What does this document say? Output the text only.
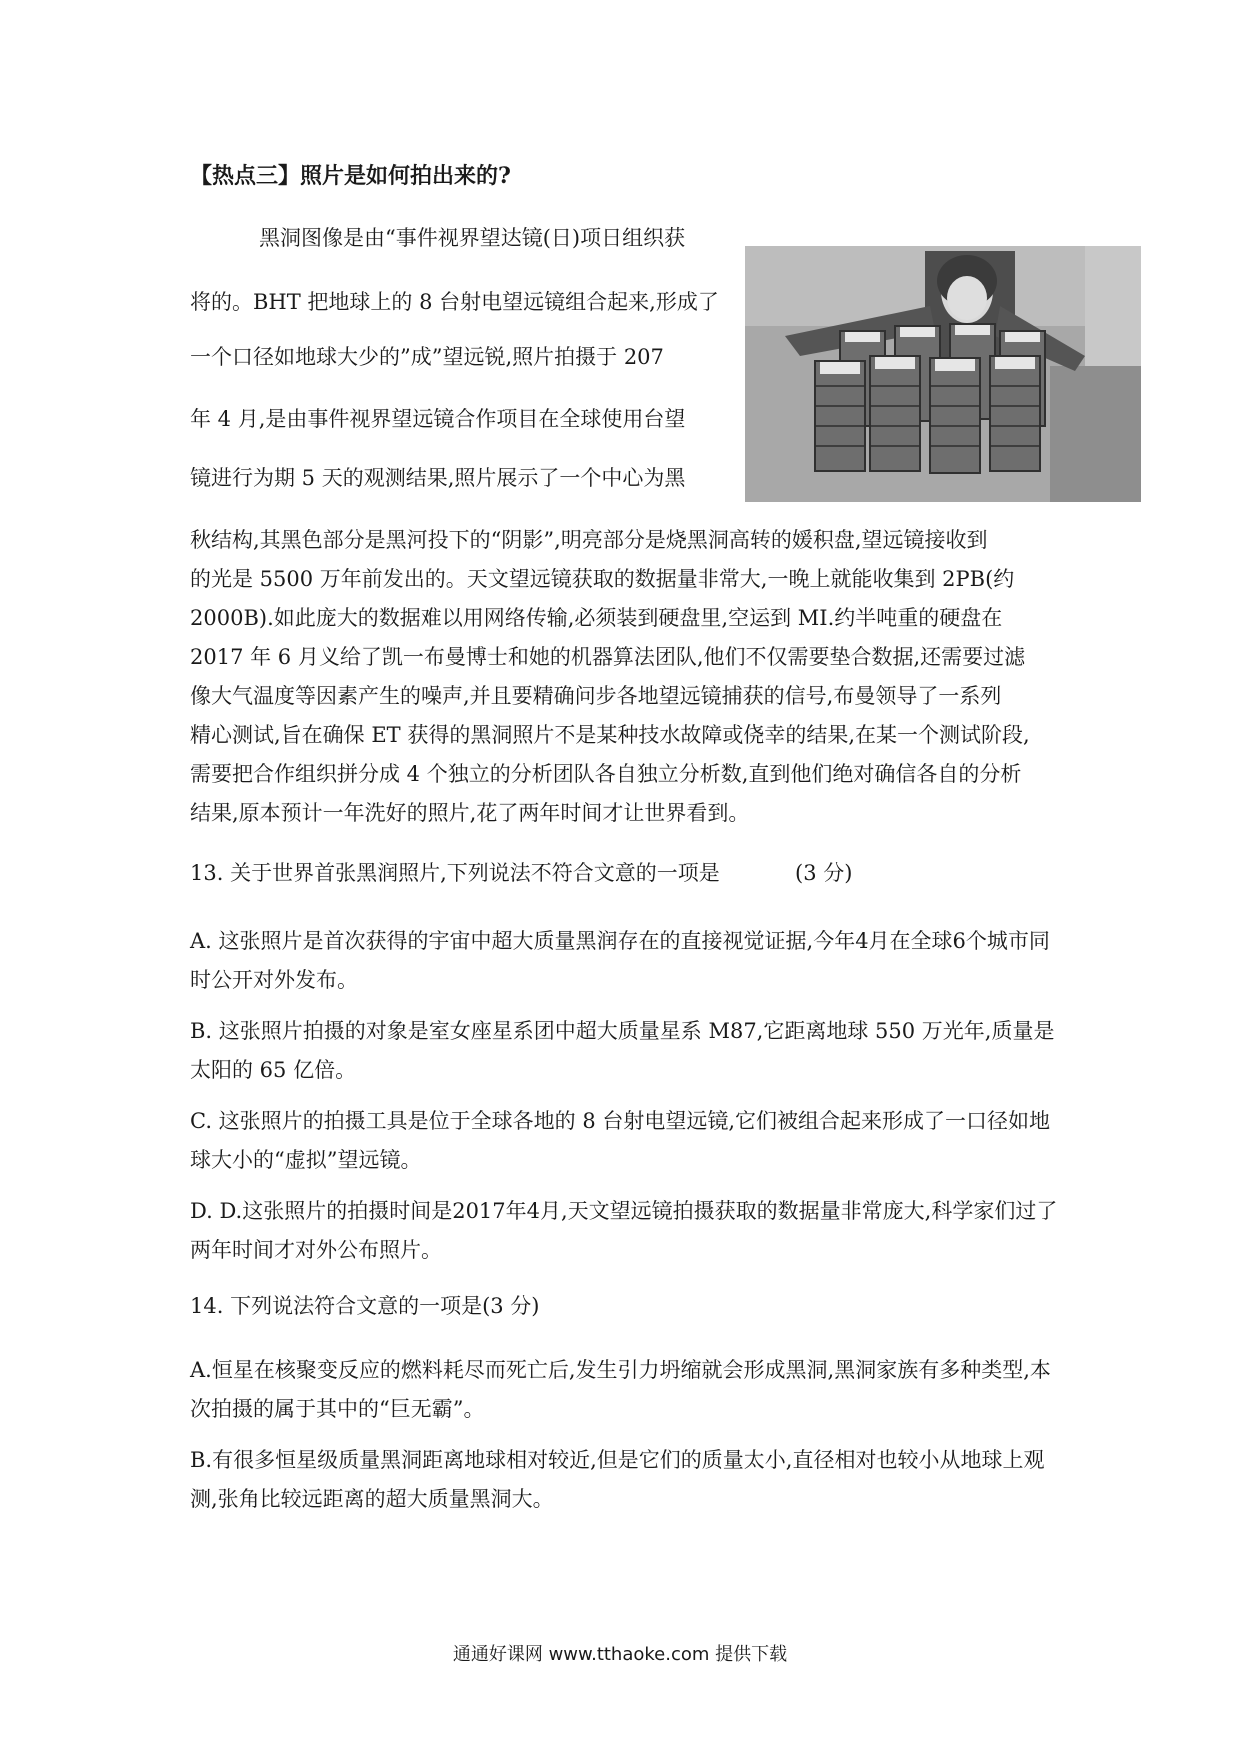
【热点三】照片是如何拍出来的?
黑洞图像是由“事件视界望达镜(日)项日组织获
将的。BHT 把地球上的 8 台射电望远镜组合起来,形成了
一个口径如地球大少的”成”望远锐,照片拍摄于 207
年 4 月,是由事件视界望远镜合作项目在全球使用台望
镜进行为期 5 天的观测结果,照片展示了一个中心为黑
秋结构,其黑色部分是黑河投下的“阴影”,明亮部分是烧黑洞高转的媛积盘,望远镜接收到
的光是 5500 万年前发出的。天文望远镜获取的数据量非常大,一晚上就能收集到 2PB(约
2000B).如此庞大的数据难以用网络传输,必须装到硬盘里,空运到 MI.约半吨重的硬盘在
2017 年 6 月义给了凯一布曼博士和她的机器算法团队,他们不仅需要垫合数据,还需要过滤
像大气温度等因素产生的噪声,并且要精确问步各地望远镜捕获的信号,布曼领导了一系列
精心测试,旨在确保 ET 获得的黑洞照片不是某种技水故障或侥幸的结果,在某一个测试阶段,
需要把合作组织拼分成 4 个独立的分析团队各自独立分析数,直到他们绝对确信各自的分析
结果,原本预计一年洗好的照片,花了两年时间才让世界看到。
13. 关于世界首张黑润照片,下列说法不符合文意的一项是	(3 分)
A. 这张照片是首次获得的宇宙中超大质量黑润存在的直接视觉证据,今年4月在全球6个城市同时公开对外发布。
B. 这张照片拍摄的对象是室女座星系团中超大质量星系 M87,它距离地球 550 万光年,质量是太阳的 65 亿倍。
C. 这张照片的拍摄工具是位于全球各地的 8 台射电望远镜,它们被组合起来形成了一口径如地球大小的“虚拟”望远镜。
D. D.这张照片的拍摄时间是2017年4月,天文望远镜拍摄获取的数据量非常庞大,科学家们过了两年时间才对外公布照片。
14. 下列说法符合文意的一项是(3 分)
A.恒星在核聚变反应的燃料耗尽而死亡后,发生引力坍缩就会形成黑洞,黑洞家族有多种类型,本次拍摄的属于其中的“巨无霸”。
B.有很多恒星级质量黑洞距离地球相对较近,但是它们的质量太小,直径相对也较小从地球上观测,张角比较远距离的超大质量黑洞大。
通通好课网 www.tthaoke.com 提供下载
